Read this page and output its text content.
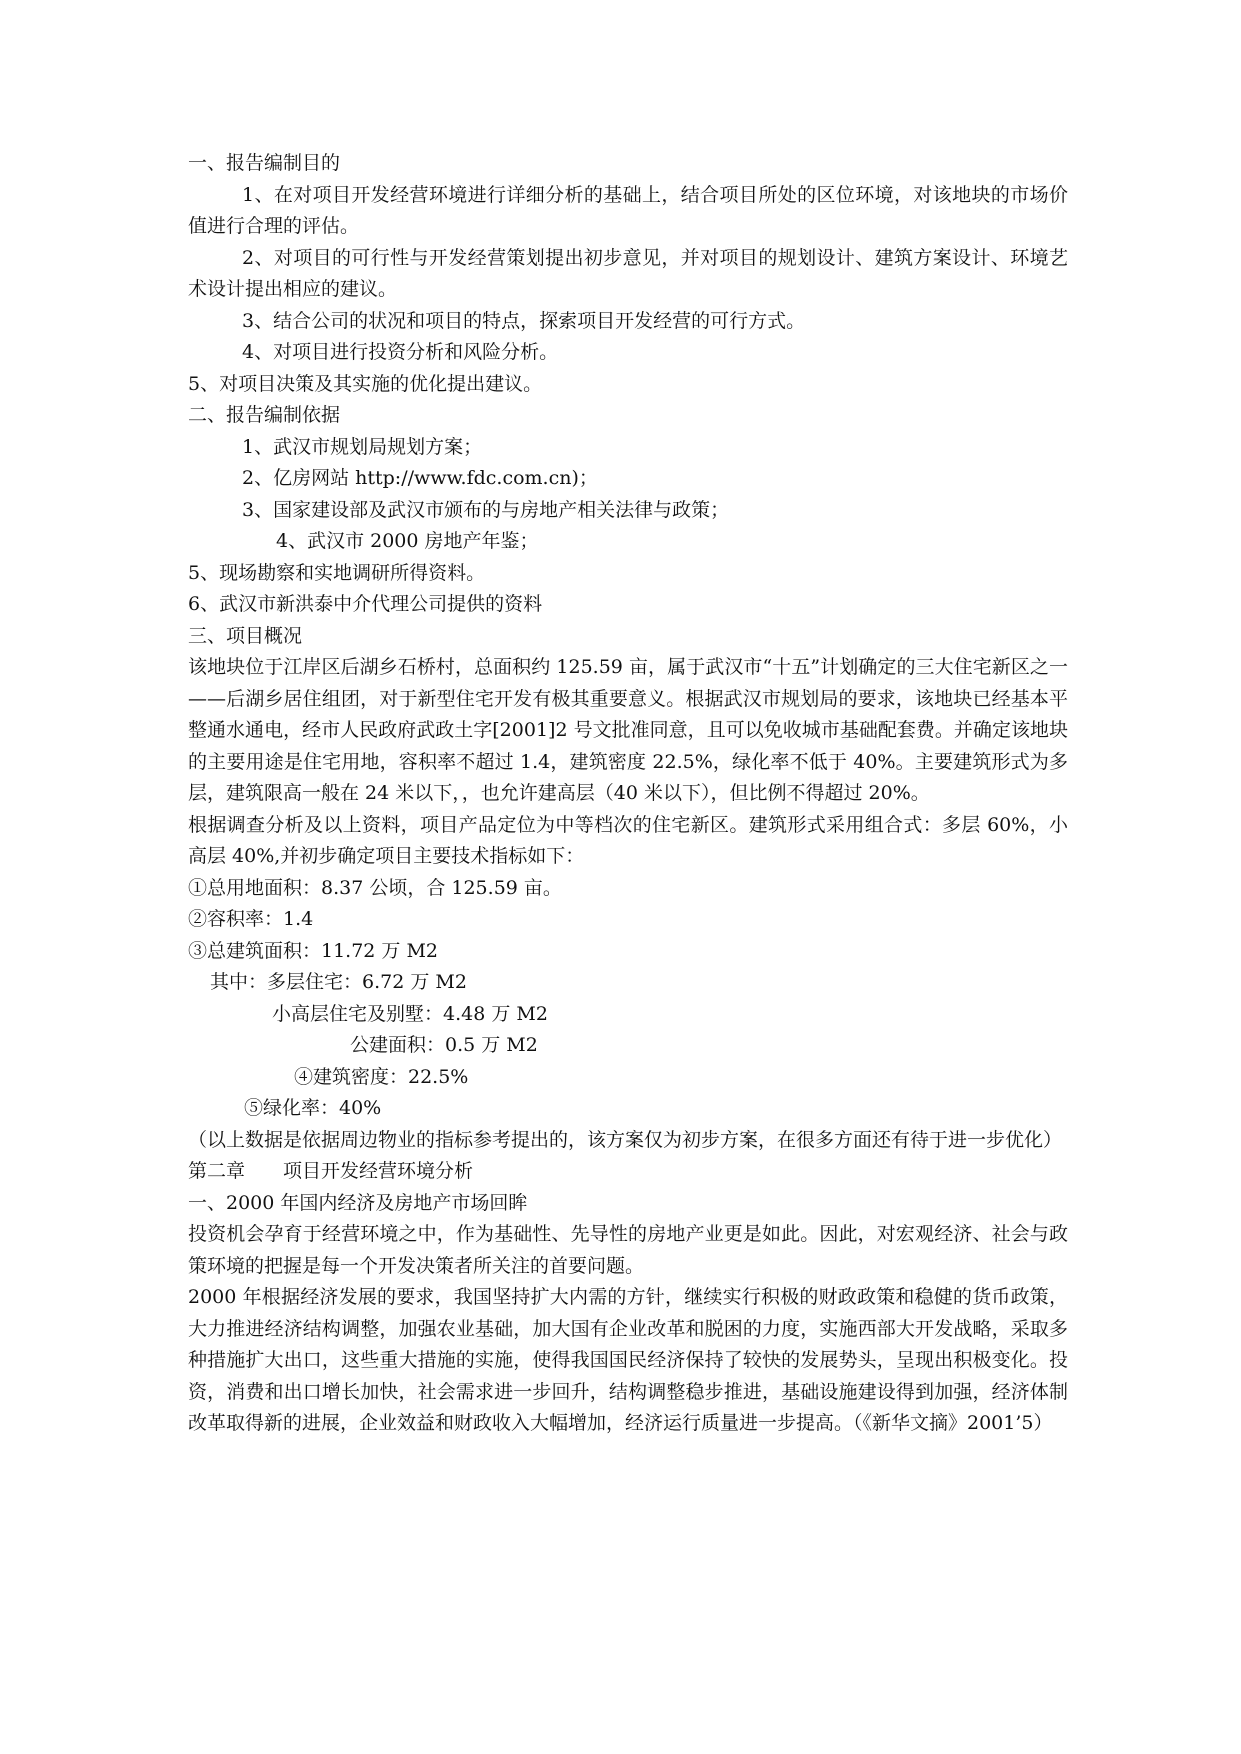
一、报告编制目的
1、在对项目开发经营环境进行详细分析的基础上，结合项目所处的区位环境，对该地块的市场价值进行合理的评估。
2、对项目的可行性与开发经营策划提出初步意见，并对项目的规划设计、建筑方案设计、环境艺术设计提出相应的建议。
3、结合公司的状况和项目的特点，探索项目开发经营的可行方式。
4、对项目进行投资分析和风险分析。
5、对项目决策及其实施的优化提出建议。
二、报告编制依据
1、武汉市规划局规划方案；
2、亿房网站 http://www.fdc.com.cn)；
3、国家建设部及武汉市颁布的与房地产相关法律与政策；
4、武汉市 2000 房地产年鉴；
5、现场勘察和实地调研所得资料。
6、武汉市新洪泰中介代理公司提供的资料
三、项目概况
该地块位于江岸区后湖乡石桥村，总面积约 125.59 亩，属于武汉市“十五”计划确定的三大住宅新区之一——后湖乡居住组团，对于新型住宅开发有极其重要意义。根据武汉市规划局的要求，该地块已经基本平整通水通电，经市人民政府武政土字[2001]2 号文批准同意，且可以免收城市基础配套费。并确定该地块的主要用途是住宅用地，容积率不超过 1.4，建筑密度 22.5%，绿化率不低于 40%。主要建筑形式为多层，建筑限高一般在 24 米以下，，也允许建高层（40 米以下），但比例不得超过 20%。
根据调查分析及以上资料，项目产品定位为中等档次的住宅新区。建筑形式采用组合式：多层 60%，小高层 40%,并初步确定项目主要技术指标如下：
①总用地面积：8.37 公顷，合 125.59 亩。
②容积率：1.4
③总建筑面积：11.72 万 M2
其中：多层住宅：6.72 万 M2
小高层住宅及别墅：4.48 万 M2
公建面积：0.5 万 M2
④建筑密度：22.5%
⑤绿化率：40%
（以上数据是依据周边物业的指标参考提出的，该方案仅为初步方案，在很多方面还有待于进一步优化）
第二章 项目开发经营环境分析
一、2000 年国内经济及房地产市场回眸
投资机会孕育于经营环境之中，作为基础性、先导性的房地产业更是如此。因此，对宏观经济、社会与政策环境的把握是每一个开发决策者所关注的首要问题。
2000 年根据经济发展的要求，我国坚持扩大内需的方针，继续实行积极的财政政策和稳健的货币政策，大力推进经济结构调整，加强农业基础，加大国有企业改革和脱困的力度，实施西部大开发战略，采取多种措施扩大出口，这些重大措施的实施，使得我国国民经济保持了较快的发展势头，呈现出积极变化。投资，消费和出口增长加快，社会需求进一步回升，结构调整稳步推进，基础设施建设得到加强，经济体制改革取得新的进展，企业效益和财政收入大幅增加，经济运行质量进一步提高。（《新华文摘》2001’5）
